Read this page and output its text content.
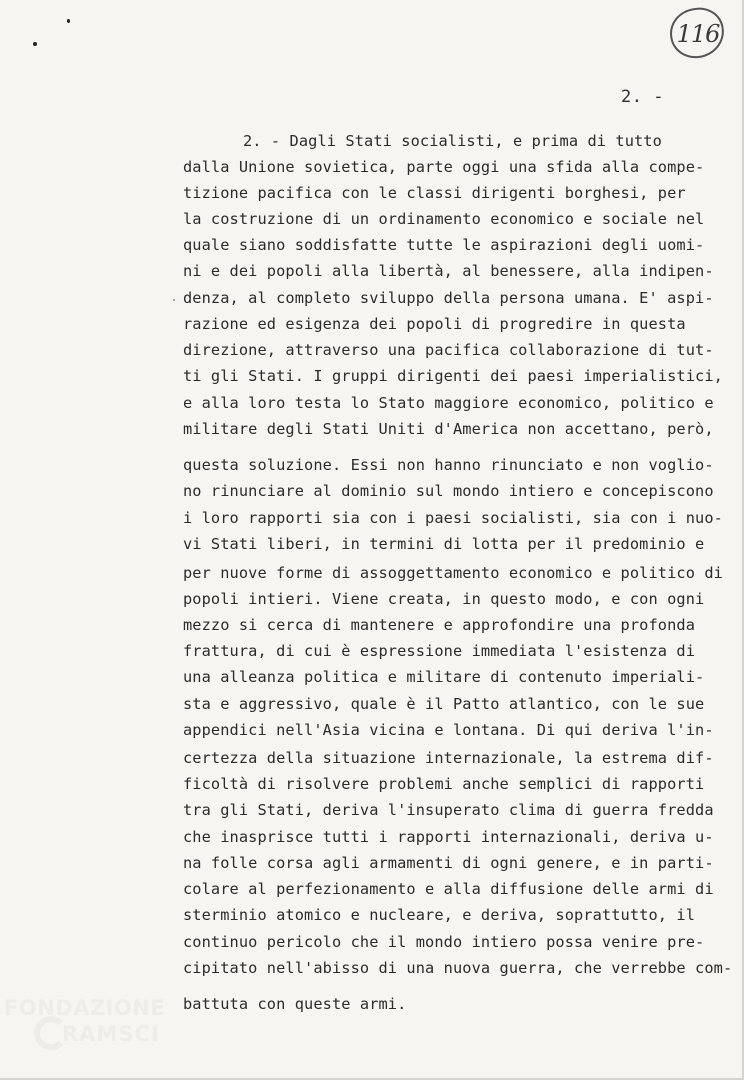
116
2. -
2. - Dagli Stati socialisti, e prima di tutto
dalla Unione sovietica, parte oggi una sfida alla compe-
tizione pacifica con le classi dirigenti borghesi, per
la costruzione di un ordinamento economico e sociale nel
quale siano soddisfatte tutte le aspirazioni degli uomi-
ni e dei popoli alla libertà, al benessere, alla indipen-
denza, al completo sviluppo della persona umana. E' aspi-
razione ed esigenza dei popoli di progredire in questa
direzione, attraverso una pacifica collaborazione di tut-
ti gli Stati. I gruppi dirigenti dei paesi imperialistici,
e alla loro testa lo Stato maggiore economico, politico e
militare degli Stati Uniti d'America non accettano, però,
questa soluzione. Essi non hanno rinunciato e non voglio-
no rinunciare al dominio sul mondo intiero e concepiscono
i loro rapporti sia con i paesi socialisti, sia con i nuo-
vi Stati liberi, in termini di lotta per il predominio e
per nuove forme di assoggettamento economico e politico di
popoli intieri. Viene creata, in questo modo, e con ogni
mezzo si cerca di mantenere e approfondire una profonda
frattura, di cui è espressione immediata l'esistenza di
una alleanza politica e militare di contenuto imperiali-
sta e aggressivo, quale è il Patto atlantico, con le sue
appendici nell'Asia vicina e lontana. Di qui deriva l'in-
certezza della situazione internazionale, la estrema dif-
ficoltà di risolvere problemi anche semplici di rapporti
tra gli Stati, deriva l'insuperato clima di guerra fredda
che inasprisce tutti i rapporti internazionali, deriva u-
na folle corsa agli armamenti di ogni genere, e in parti-
colare al perfezionamento e alla diffusione delle armi di
sterminio atomico e nucleare, e deriva, soprattutto, il
continuo pericolo che il mondo intiero possa venire pre-
cipitato nell'abisso di una nuova guerra, che verrebbe com-
battuta con queste armi.
FONDAZIONE
RAMSCI
